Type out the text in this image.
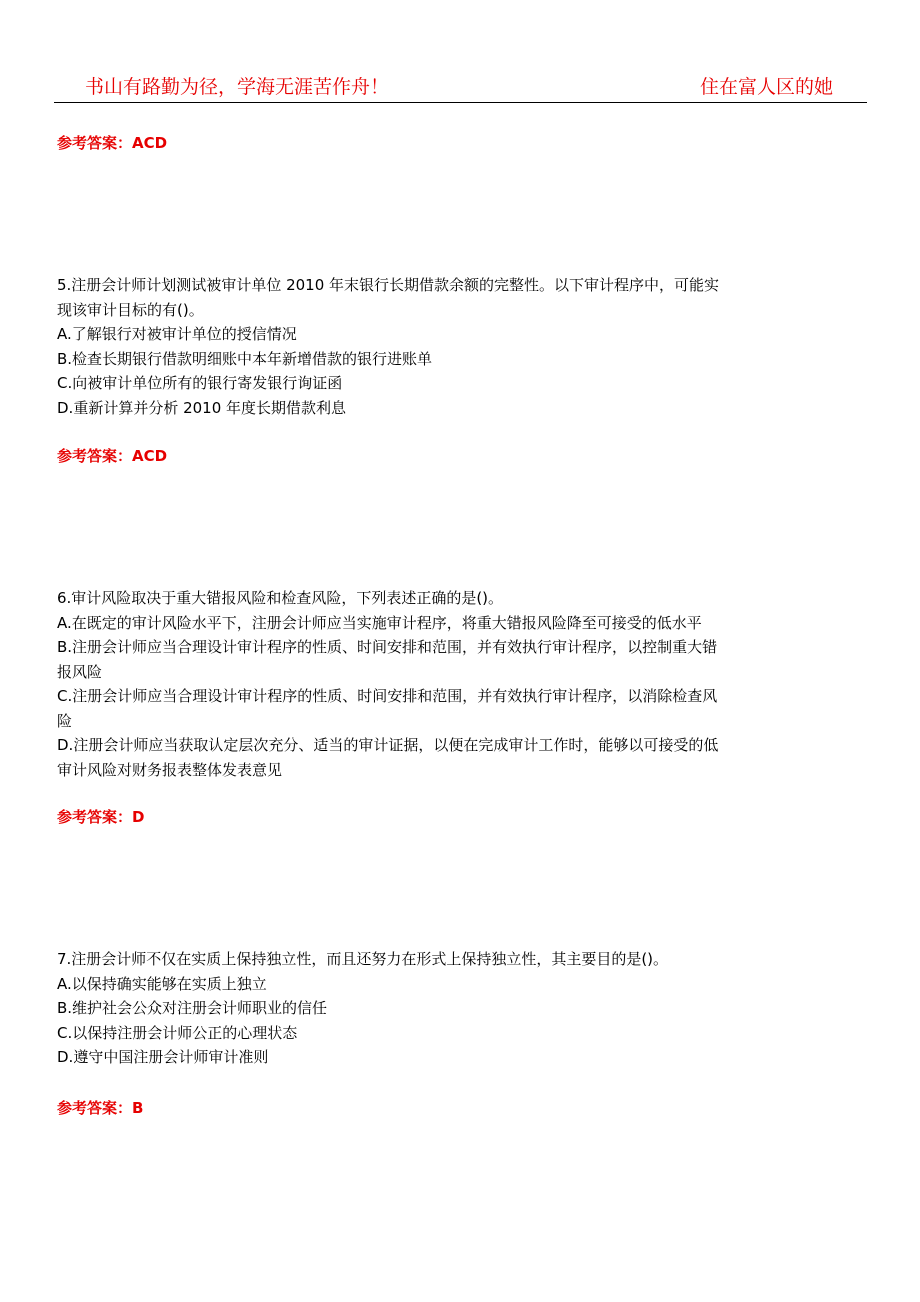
书山有路勤为径，学海无涯苦作舟！	住在富人区的她
参考答案：ACD
5.注册会计师计划测试被审计单位 2010 年末银行长期借款余额的完整性。以下审计程序中，可能实
现该审计目标的有()。
A.了解银行对被审计单位的授信情况
B.检查长期银行借款明细账中本年新增借款的银行进账单
C.向被审计单位所有的银行寄发银行询证函
D.重新计算并分析 2010 年度长期借款利息
参考答案：ACD
6.审计风险取决于重大错报风险和检查风险，下列表述正确的是()。
A.在既定的审计风险水平下，注册会计师应当实施审计程序，将重大错报风险降至可接受的低水平
B.注册会计师应当合理设计审计程序的性质、时间安排和范围，并有效执行审计程序，以控制重大错
报风险
C.注册会计师应当合理设计审计程序的性质、时间安排和范围，并有效执行审计程序，以消除检查风
险
D.注册会计师应当获取认定层次充分、适当的审计证据，以便在完成审计工作时，能够以可接受的低
审计风险对财务报表整体发表意见
参考答案：D
7.注册会计师不仅在实质上保持独立性，而且还努力在形式上保持独立性，其主要目的是()。
A.以保持确实能够在实质上独立
B.维护社会公众对注册会计师职业的信任
C.以保持注册会计师公正的心理状态
D.遵守中国注册会计师审计准则
参考答案：B
